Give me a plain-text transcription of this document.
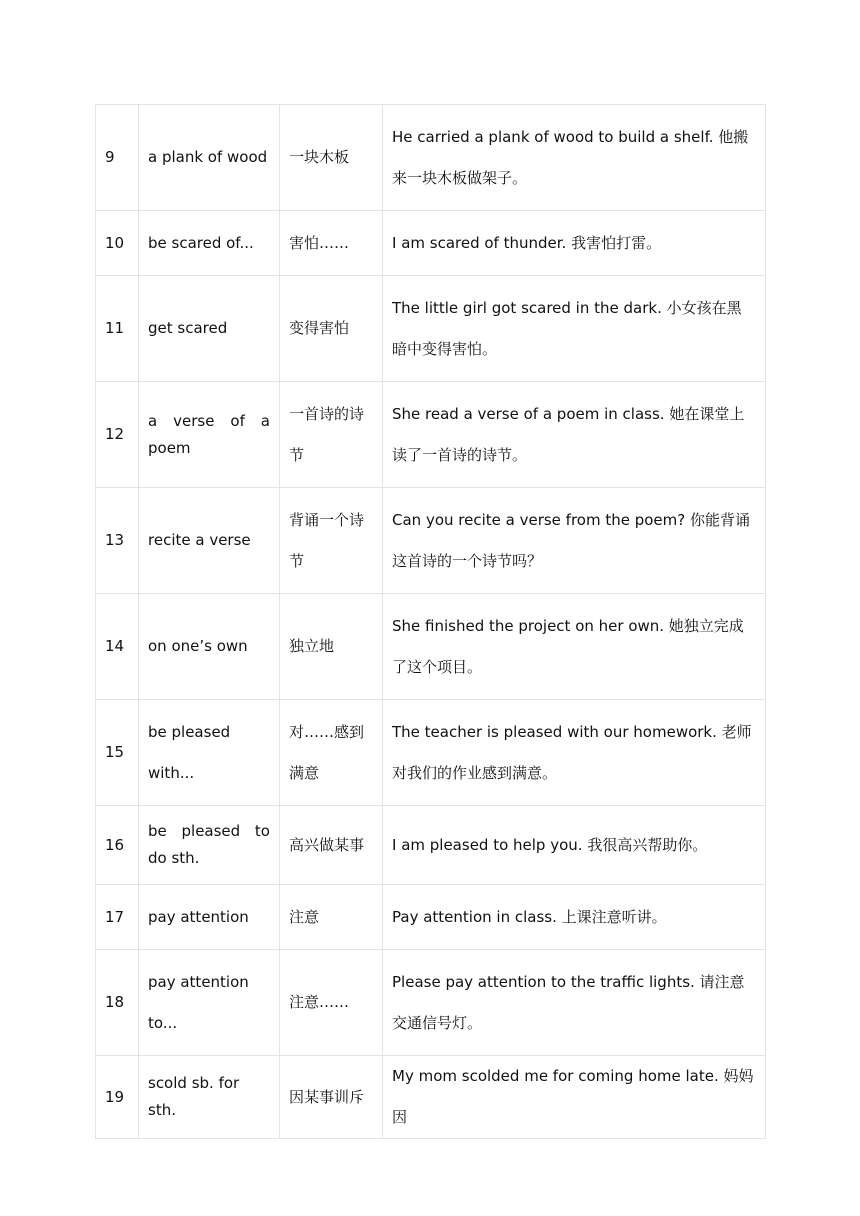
9	a plank of wood	一块木板	He carried a plank of wood to build a shelf. 他搬来一块木板做架子。
10	be scared of...	害怕……	I am scared of thunder. 我害怕打雷。
11	get scared	变得害怕	The little girl got scared in the dark. 小女孩在黑暗中变得害怕。
12	a verse of a poem	一首诗的诗节	She read a verse of a poem in class. 她在课堂上读了一首诗的诗节。
13	recite a verse	背诵一个诗节	Can you recite a verse from the poem? 你能背诵这首诗的一个诗节吗？
14	on one’s own	独立地	She finished the project on her own. 她独立完成了这个项目。
15	be pleased with...	对……感到满意	The teacher is pleased with our homework. 老师对我们的作业感到满意。
16	be pleased to do sth.	高兴做某事	I am pleased to help you. 我很高兴帮助你。
17	pay attention	注意	Pay attention in class. 上课注意听讲。
18	pay attention to...	注意……	Please pay attention to the traffic lights. 请注意交通信号灯。
19	scold sb. for sth.	因某事训斥	My mom scolded me for coming home late. 妈妈因
